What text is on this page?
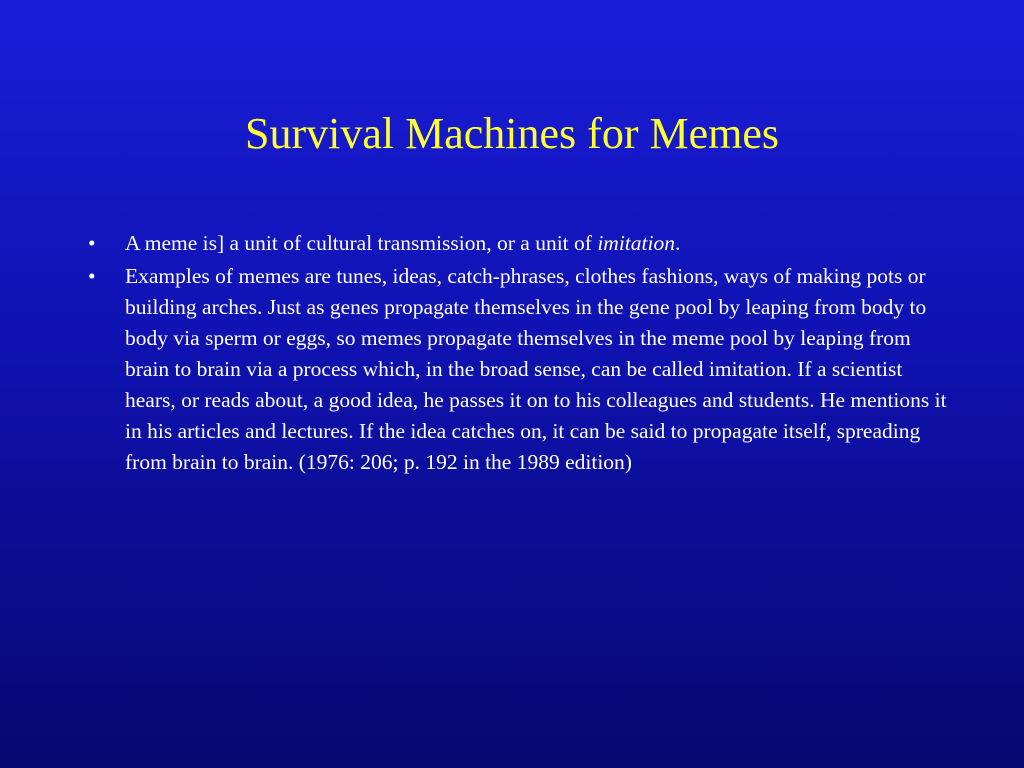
Survival Machines for Memes
• A meme is] a unit of cultural transmission, or a unit of imitation.
• Examples of memes are tunes, ideas, catch-phrases, clothes fashions, ways of making pots or building arches. Just as genes propagate themselves in the gene pool by leaping from body to body via sperm or eggs, so memes propagate themselves in the meme pool by leaping from brain to brain via a process which, in the broad sense, can be called imitation. If a scientist hears, or reads about, a good idea, he passes it on to his colleagues and students. He mentions it in his articles and lectures. If the idea catches on, it can be said to propagate itself, spreading from brain to brain. (1976: 206; p. 192 in the 1989 edition)
